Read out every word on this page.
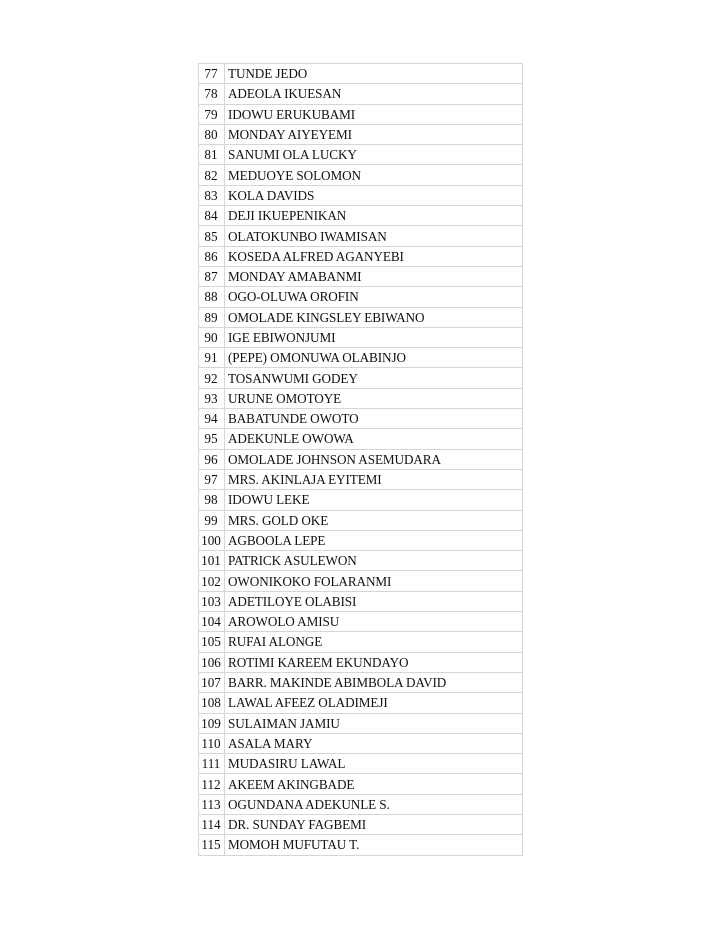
77	TUNDE JEDO
78	ADEOLA IKUESAN
79	IDOWU ERUKUBAMI
80	MONDAY AIYEYEMI
81	SANUMI OLA LUCKY
82	MEDUOYE SOLOMON
83	KOLA DAVIDS
84	DEJI IKUEPENIKAN
85	OLATOKUNBO IWAMISAN
86	KOSEDA ALFRED AGANYEBI
87	MONDAY AMABANMI
88	OGO-OLUWA OROFIN
89	OMOLADE KINGSLEY EBIWANO
90	IGE EBIWONJUMI
91	(PEPE) OMONUWA OLABINJO
92	TOSANWUMI GODEY
93	URUNE OMOTOYE
94	BABATUNDE OWOTO
95	ADEKUNLE OWOWA
96	OMOLADE JOHNSON ASEMUDARA
97	MRS. AKINLAJA EYITEMI
98	IDOWU LEKE
99	MRS. GOLD OKE
100	AGBOOLA LEPE
101	PATRICK ASULEWON
102	OWONIKOKO FOLARANMI
103	ADETILOYE OLABISI
104	AROWOLO AMISU
105	RUFAI ALONGE
106	ROTIMI KAREEM EKUNDAYO
107	BARR. MAKINDE ABIMBOLA DAVID
108	LAWAL AFEEZ OLADIMEJI
109	SULAIMAN JAMIU
110	ASALA MARY
111	MUDASIRU LAWAL
112	AKEEM AKINGBADE
113	OGUNDANA ADEKUNLE S.
114	DR. SUNDAY FAGBEMI
115	MOMOH MUFUTAU T.
